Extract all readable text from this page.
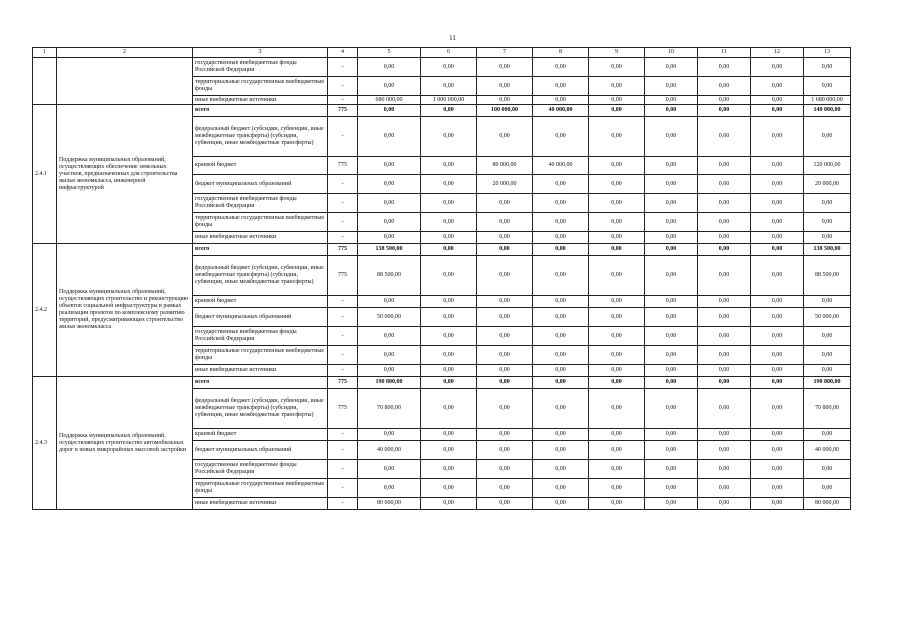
11
1	2	3	4	5	6	7	8	9	10	11	12	13
		государственные внебюджетные фонды Российской Федерации	-	0,00	0,00	0,00	0,00	0,00	0,00	0,00	0,00	0,00
		территориальные государственные внебюджетные фонды	-	0,00	0,00	0,00	0,00	0,00	0,00	0,00	0,00	0,00
		иные внебюджетные источники	-	680 000,00	1 000 000,00	0,00	0,00	0,00	0,00	0,00	0,00	1 680 000,00
2.4.1	Поддержка муниципальных образований, осуществляющих обеспечение земельных участков, предназначенных для строительства жилья экономкласса, инженерной инфраструктурой	всего	775	0,00	0,00	100 000,00	40 000,00	0,00	0,00	0,00	0,00	140 000,00
		федеральный бюджет (субсидии, субвенции, иные межбюджетные трансферты) (субсидии, субвенции, иные межбюджетные трансферты)	-	0,00	0,00	0,00	0,00	0,00	0,00	0,00	0,00	0,00
		краевой бюджет	775	0,00	0,00	80 000,00	40 000,00	0,00	0,00	0,00	0,00	120 000,00
		бюджет муниципальных образований	-	0,00	0,00	20 000,00	0,00	0,00	0,00	0,00	0,00	20 000,00
		государственные внебюджетные фонды Российской Федерации	-	0,00	0,00	0,00	0,00	0,00	0,00	0,00	0,00	0,00
		территориальные государственные внебюджетные фонды	-	0,00	0,00	0,00	0,00	0,00	0,00	0,00	0,00	0,00
		иные внебюджетные источники	-	0,00	0,00	0,00	0,00	0,00	0,00	0,00	0,00	0,00
2.4.2	Поддержка муниципальных образований, осуществляющих строительство и реконструкцию объектов социальной инфраструктуры в рамках реализации проектов по комплексному развитию территорий, предусматривающих строительство жилья экономкласса	всего	775	138 500,00	0,00	0,00	0,00	0,00	0,00	0,00	0,00	138 500,00
		федеральный бюджет (субсидии, субвенции, иные межбюджетные трансферты) (субсидии, субвенции, иные межбюджетные трансферты)	775	88 500,00	0,00	0,00	0,00	0,00	0,00	0,00	0,00	88 500,00
		краевой бюджет	-	0,00	0,00	0,00	0,00	0,00	0,00	0,00	0,00	0,00
		бюджет муниципальных образований	-	50 000,00	0,00	0,00	0,00	0,00	0,00	0,00	0,00	50 000,00
		государственные внебюджетные фонды Российской Федерации	-	0,00	0,00	0,00	0,00	0,00	0,00	0,00	0,00	0,00
		территориальные государственные внебюджетные фонды	-	0,00	0,00	0,00	0,00	0,00	0,00	0,00	0,00	0,00
		иные внебюджетные источники	-	0,00	0,00	0,00	0,00	0,00	0,00	0,00	0,00	0,00
2.4.3	Поддержка муниципальных образований, осуществляющих строительство автомобильных дорог в новых микрорайонах массовой застройки	всего	775	190 800,00	0,00	0,00	0,00	0,00	0,00	0,00	0,00	190 800,00
		федеральный бюджет (субсидии, субвенции, иные межбюджетные трансферты) (субсидии, субвенции, иные межбюджетные трансферты)	775	70 800,00	0,00	0,00	0,00	0,00	0,00	0,00	0,00	70 800,00
		краевой бюджет	-	0,00	0,00	0,00	0,00	0,00	0,00	0,00	0,00	0,00
		бюджет муниципальных образований	-	40 000,00	0,00	0,00	0,00	0,00	0,00	0,00	0,00	40 000,00
		государственные внебюджетные фонды Российской Федерации	-	0,00	0,00	0,00	0,00	0,00	0,00	0,00	0,00	0,00
		территориальные государственные внебюджетные фонды	-	0,00	0,00	0,00	0,00	0,00	0,00	0,00	0,00	0,00
		иные внебюджетные источники	-	80 000,00	0,00	0,00	0,00	0,00	0,00	0,00	0,00	80 000,00
